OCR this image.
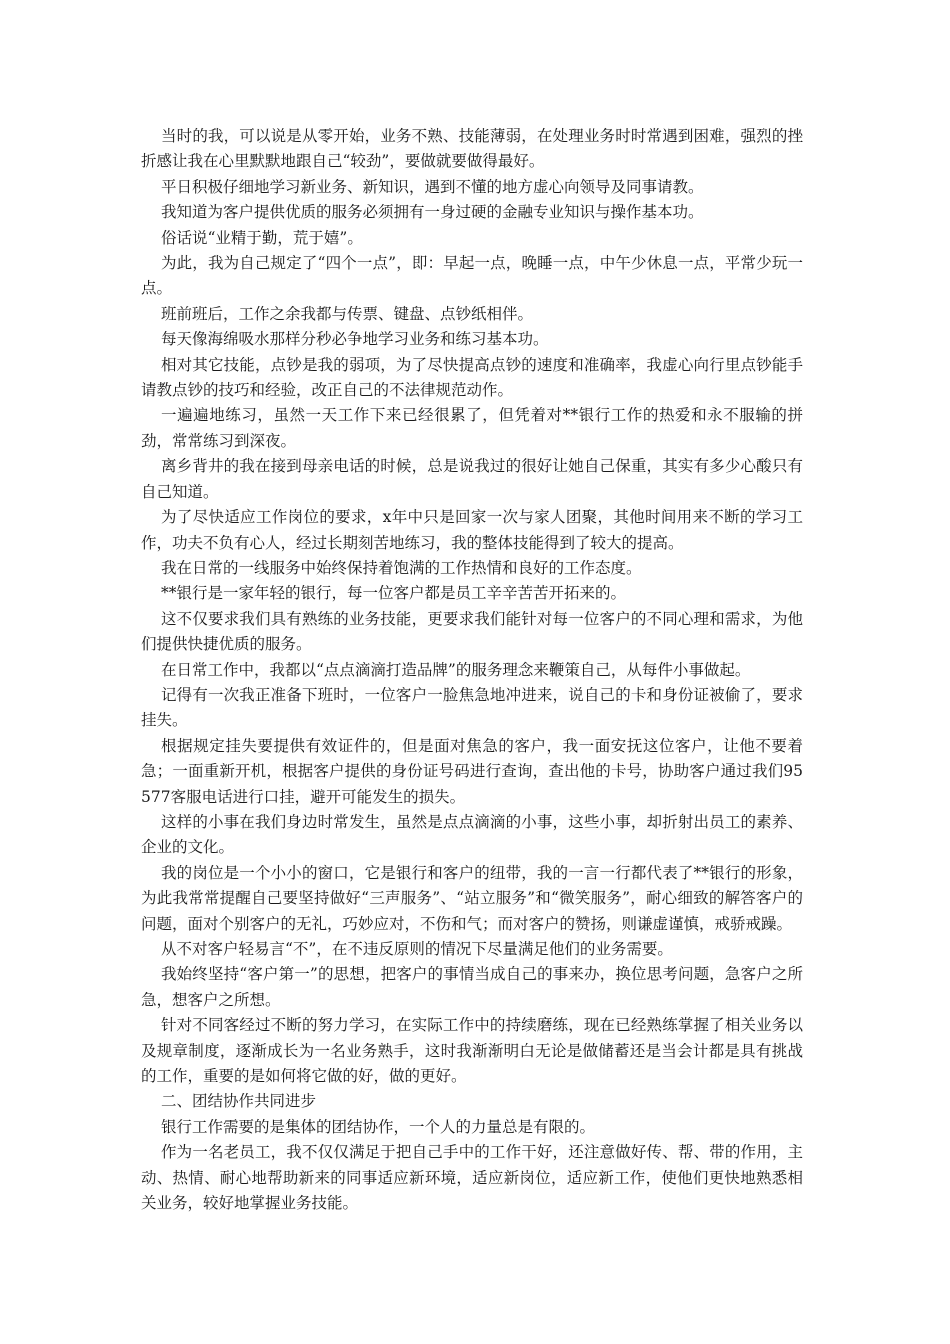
当时的我，可以说是从零开始，业务不熟、技能薄弱，在处理业务时时常遇到困难，强烈的挫折感让我在心里默默地跟自己“较劲”，要做就要做得最好。

平日积极仔细地学习新业务、新知识，遇到不懂的地方虚心向领导及同事请教。

我知道为客户提供优质的服务必须拥有一身过硬的金融专业知识与操作基本功。

俗话说“业精于勤，荒于嬉”。

为此，我为自己规定了“四个一点”，即：早起一点，晚睡一点，中午少休息一点，平常少玩一点。

班前班后，工作之余我都与传票、键盘、点钞纸相伴。

每天像海绵吸水那样分秒必争地学习业务和练习基本功。

相对其它技能，点钞是我的弱项，为了尽快提高点钞的速度和准确率，我虚心向行里点钞能手请教点钞的技巧和经验，改正自己的不法律规范动作。

一遍遍地练习，虽然一天工作下来已经很累了，但凭着对**银行工作的热爱和永不服输的拼劲，常常练习到深夜。

离乡背井的我在接到母亲电话的时候，总是说我过的很好让她自己保重，其实有多少心酸只有自己知道。

为了尽快适应工作岗位的要求，x年中只是回家一次与家人团聚，其他时间用来不断的学习工作，功夫不负有心人，经过长期刻苦地练习，我的整体技能得到了较大的提高。

我在日常的一线服务中始终保持着饱满的工作热情和良好的工作态度。

**银行是一家年轻的银行，每一位客户都是员工辛辛苦苦开拓来的。

这不仅要求我们具有熟练的业务技能，更要求我们能针对每一位客户的不同心理和需求，为他们提供快捷优质的服务。

在日常工作中，我都以“点点滴滴打造品牌”的服务理念来鞭策自己，从每件小事做起。

记得有一次我正准备下班时，一位客户一脸焦急地冲进来，说自己的卡和身份证被偷了，要求挂失。

根据规定挂失要提供有效证件的，但是面对焦急的客户，我一面安抚这位客户，让他不要着急；一面重新开机，根据客户提供的身份证号码进行查询，查出他的卡号，协助客户通过我们95577客服电话进行口挂，避开可能发生的损失。

这样的小事在我们身边时常发生，虽然是点点滴滴的小事，这些小事，却折射出员工的素养、企业的文化。

我的岗位是一个小小的窗口，它是银行和客户的纽带，我的一言一行都代表了**银行的形象，为此我常常提醒自己要坚持做好“三声服务”、“站立服务”和“微笑服务”，耐心细致的解答客户的问题，面对个别客户的无礼，巧妙应对，不伤和气；而对客户的赞扬，则谦虚谨慎，戒骄戒躁。

从不对客户轻易言“不”，在不违反原则的情况下尽量满足他们的业务需要。

我始终坚持“客户第一”的思想，把客户的事情当成自己的事来办，换位思考问题，急客户之所急，想客户之所想。

针对不同客经过不断的努力学习，在实际工作中的持续磨练，现在已经熟练掌握了相关业务以及规章制度，逐渐成长为一名业务熟手，这时我渐渐明白无论是做储蓄还是当会计都是具有挑战的工作，重要的是如何将它做的好，做的更好。

二、团结协作共同进步

银行工作需要的是集体的团结协作，一个人的力量总是有限的。

作为一名老员工，我不仅仅满足于把自己手中的工作干好，还注意做好传、帮、带的作用，主动、热情、耐心地帮助新来的同事适应新环境，适应新岗位，适应新工作，使他们更快地熟悉相关业务，较好地掌握业务技能。
